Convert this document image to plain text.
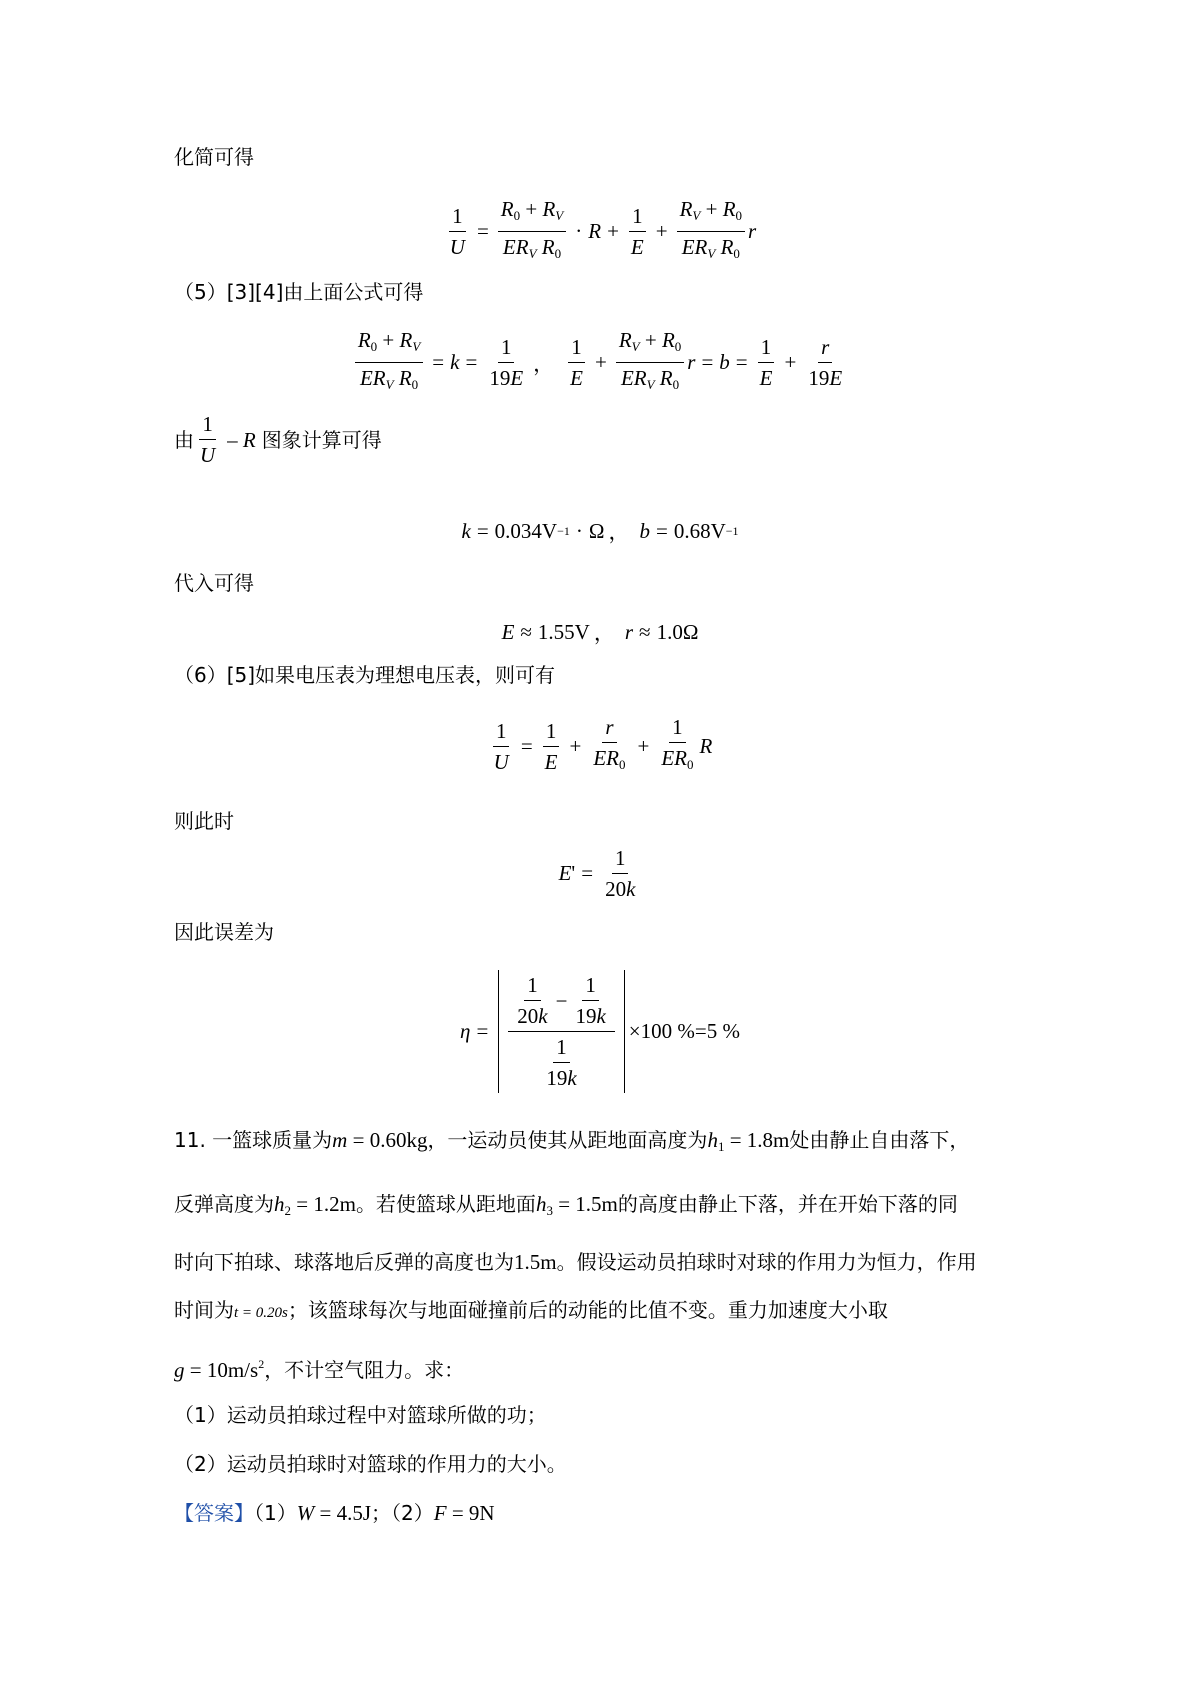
化简可得
$\frac{1}{U} = \frac{R_0 + RV}{ERV R_0} \cdot R + \frac{1}{E} + \frac{RV + R_0}{ERV R_0}$ r
（5）[3][4]由上面公式可得
$\frac{R_0 + RV}{ERV R_0} = k = \frac{1}{19E}$ ， $\frac{1}{E} + \frac{RV + R_0}{ERV R_0}$ $r = b = \frac{1}{E} + \frac{r}{19E}$
由 $\frac{1}{U}$ – R 图象计算可得
k = 0.034 V −1 · Ω ， b = 0.68 V −1
代入可得
E ≈ 1.55 V ， r ≈ 1.0 Ω
（6）[5]如果电压表为理想电压表，则可有
$\frac{1}{U} = \frac{1}{E} + \frac{r}{ER_0} + \frac{1}{ER_0}$ R
则此时
E ' = $\frac{1}{20k}$
因此误差为
$\eta = \frac{\frac{1}{20k} - \frac{1}{19k}}{\frac{1}{19k}} \times 100$ %=5 %
11. 一篮球质量为m = 0.60kg，一运动员使其从距地面高度为$h_1 = 1.8m$处由静止自由落下，
反弹高度为$h_2 = 1.2m$。若使篮球从距地面$h_3 = 1.5m$的高度由静止下落，并在开始下落的同
时向下拍球、球落地后反弹的高度也为1.5m。假设运动员拍球时对球的作用力为恒力，作用
时间为t = 0.20s；该篮球每次与地面碰撞前后的动能的比值不变。重力加速度大小取
$g = 10m/s^2$，不计空气阻力。求：
（1）运动员拍球过程中对篮球所做的功；
（2）运动员拍球时对篮球的作用力的大小。
【答案】（1）W = 4.5J；（2）F = 9N
